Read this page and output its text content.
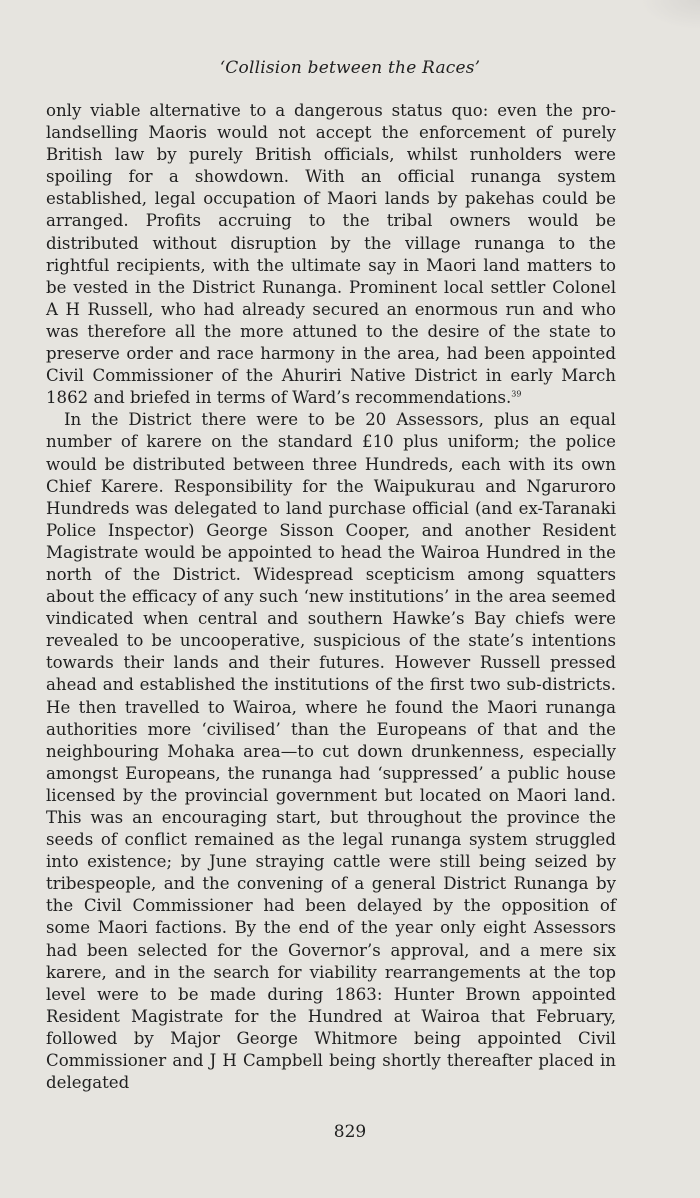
‘Collision between the Races’

only viable alternative to a dangerous status quo: even the pro-landselling Maoris would not accept the enforcement of purely British law by purely British officials, whilst runholders were spoiling for a showdown. With an official runanga system established, legal occupation of Maori lands by pakehas could be arranged. Profits accruing to the tribal owners would be distributed without disruption by the village runanga to the rightful recipients, with the ultimate say in Maori land matters to be vested in the District Runanga. Prominent local settler Colonel A H Russell, who had already secured an enormous run and who was therefore all the more attuned to the desire of the state to preserve order and race harmony in the area, had been appointed Civil Commissioner of the Ahuriri Native District in early March 1862 and briefed in terms of Ward’s recommendations.$^{39}$

In the District there were to be 20 Assessors, plus an equal number of karere on the standard £10 plus uniform; the police would be distributed between three Hundreds, each with its own Chief Karere. Responsibility for the Waipukurau and Ngaruroro Hundreds was delegated to land purchase official (and ex-Taranaki Police Inspector) George Sisson Cooper, and another Resident Magistrate would be appointed to head the Wairoa Hundred in the north of the District. Widespread scepticism among squatters about the efficacy of any such ‘new institutions’ in the area seemed vindicated when central and southern Hawke’s Bay chiefs were revealed to be uncooperative, suspicious of the state’s intentions towards their lands and their futures. However Russell pressed ahead and established the institutions of the first two sub-districts. He then travelled to Wairoa, where he found the Maori runanga authorities more ‘civilised’ than the Europeans of that and the neighbouring Mohaka area—to cut down drunkenness, especially amongst Europeans, the runanga had ‘suppressed’ a public house licensed by the provincial government but located on Maori land. This was an encouraging start, but throughout the province the seeds of conflict remained as the legal runanga system struggled into existence; by June straying cattle were still being seized by tribespeople, and the convening of a general District Runanga by the Civil Commissioner had been delayed by the opposition of some Maori factions. By the end of the year only eight Assessors had been selected for the Governor’s approval, and a mere six karere, and in the search for viability rearrangements at the top level were to be made during 1863: Hunter Brown appointed Resident Magistrate for the Hundred at Wairoa that February, followed by Major George Whitmore being appointed Civil Commissioner and J H Campbell being shortly thereafter placed in delegated

829
